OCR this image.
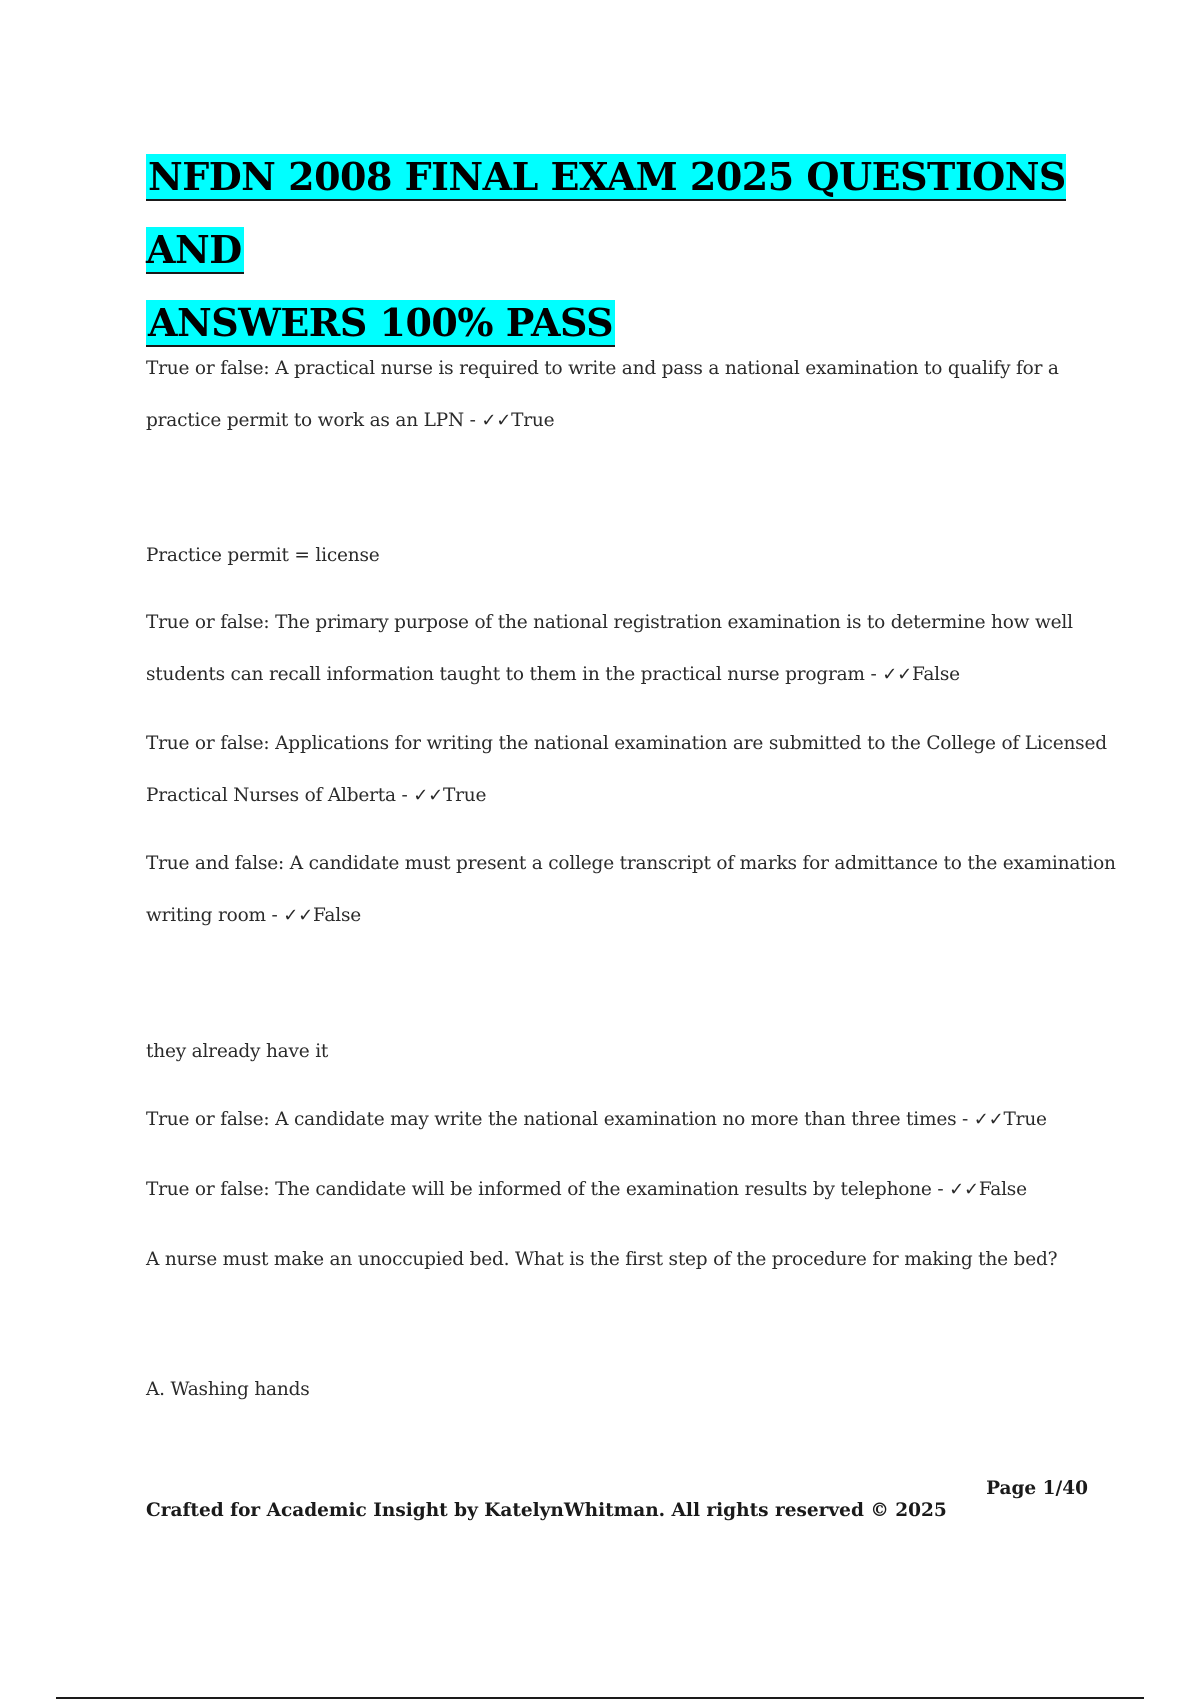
NFDN 2008 FINAL EXAM 2025 QUESTIONS AND
ANSWERS 100% PASS

True or false: A practical nurse is required to write and pass a national examination to qualify for a

practice permit to work as an LPN - ✓✓True

Practice permit = license

True or false: The primary purpose of the national registration examination is to determine how well

students can recall information taught to them in the practical nurse program - ✓✓False

True or false: Applications for writing the national examination are submitted to the College of Licensed

Practical Nurses of Alberta - ✓✓True

True and false: A candidate must present a college transcript of marks for admittance to the examination

writing room - ✓✓False

they already have it

True or false: A candidate may write the national examination no more than three times - ✓✓True

True or false: The candidate will be informed of the examination results by telephone - ✓✓False

A nurse must make an unoccupied bed. What is the first step of the procedure for making the bed?

A. Washing hands

Page 1/40

Crafted for Academic Insight by KatelynWhitman. All rights reserved © 2025
